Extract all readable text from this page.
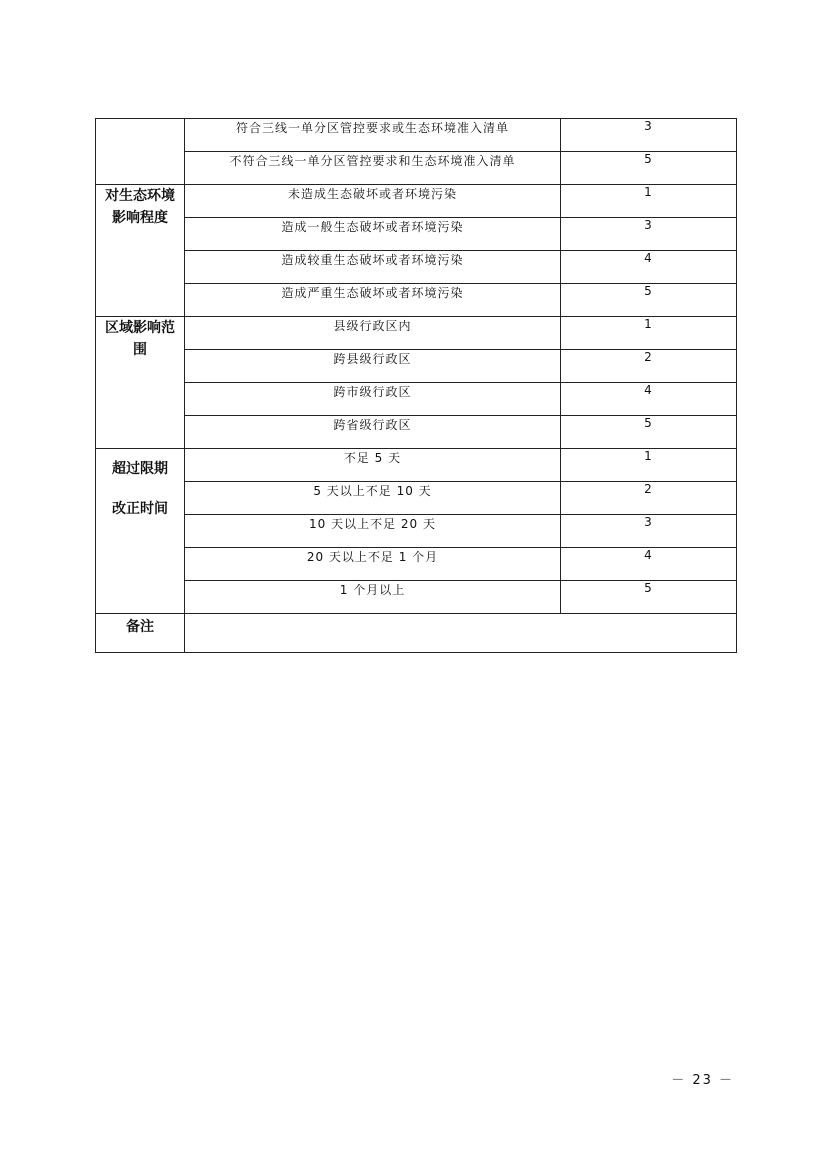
	符合三线一单分区管控要求或生态环境准入清单	3
	不符合三线一单分区管控要求和生态环境准入清单	5

对生态环境
影响程度	未造成生态破坏或者环境污染	1
	造成一般生态破坏或者环境污染	3
	造成较重生态破坏或者环境污染	4
	造成严重生态破坏或者环境污染	5

区域影响范
围	县级行政区内	1
	跨县级行政区	2
	跨市级行政区	4
	跨省级行政区	5

超过限期
改正时间	不足 5 天	1
	5 天以上不足 10 天	2
	10 天以上不足 20 天	3
	20 天以上不足 1 个月	4
	1 个月以上	5
备注		
－ 23 －
